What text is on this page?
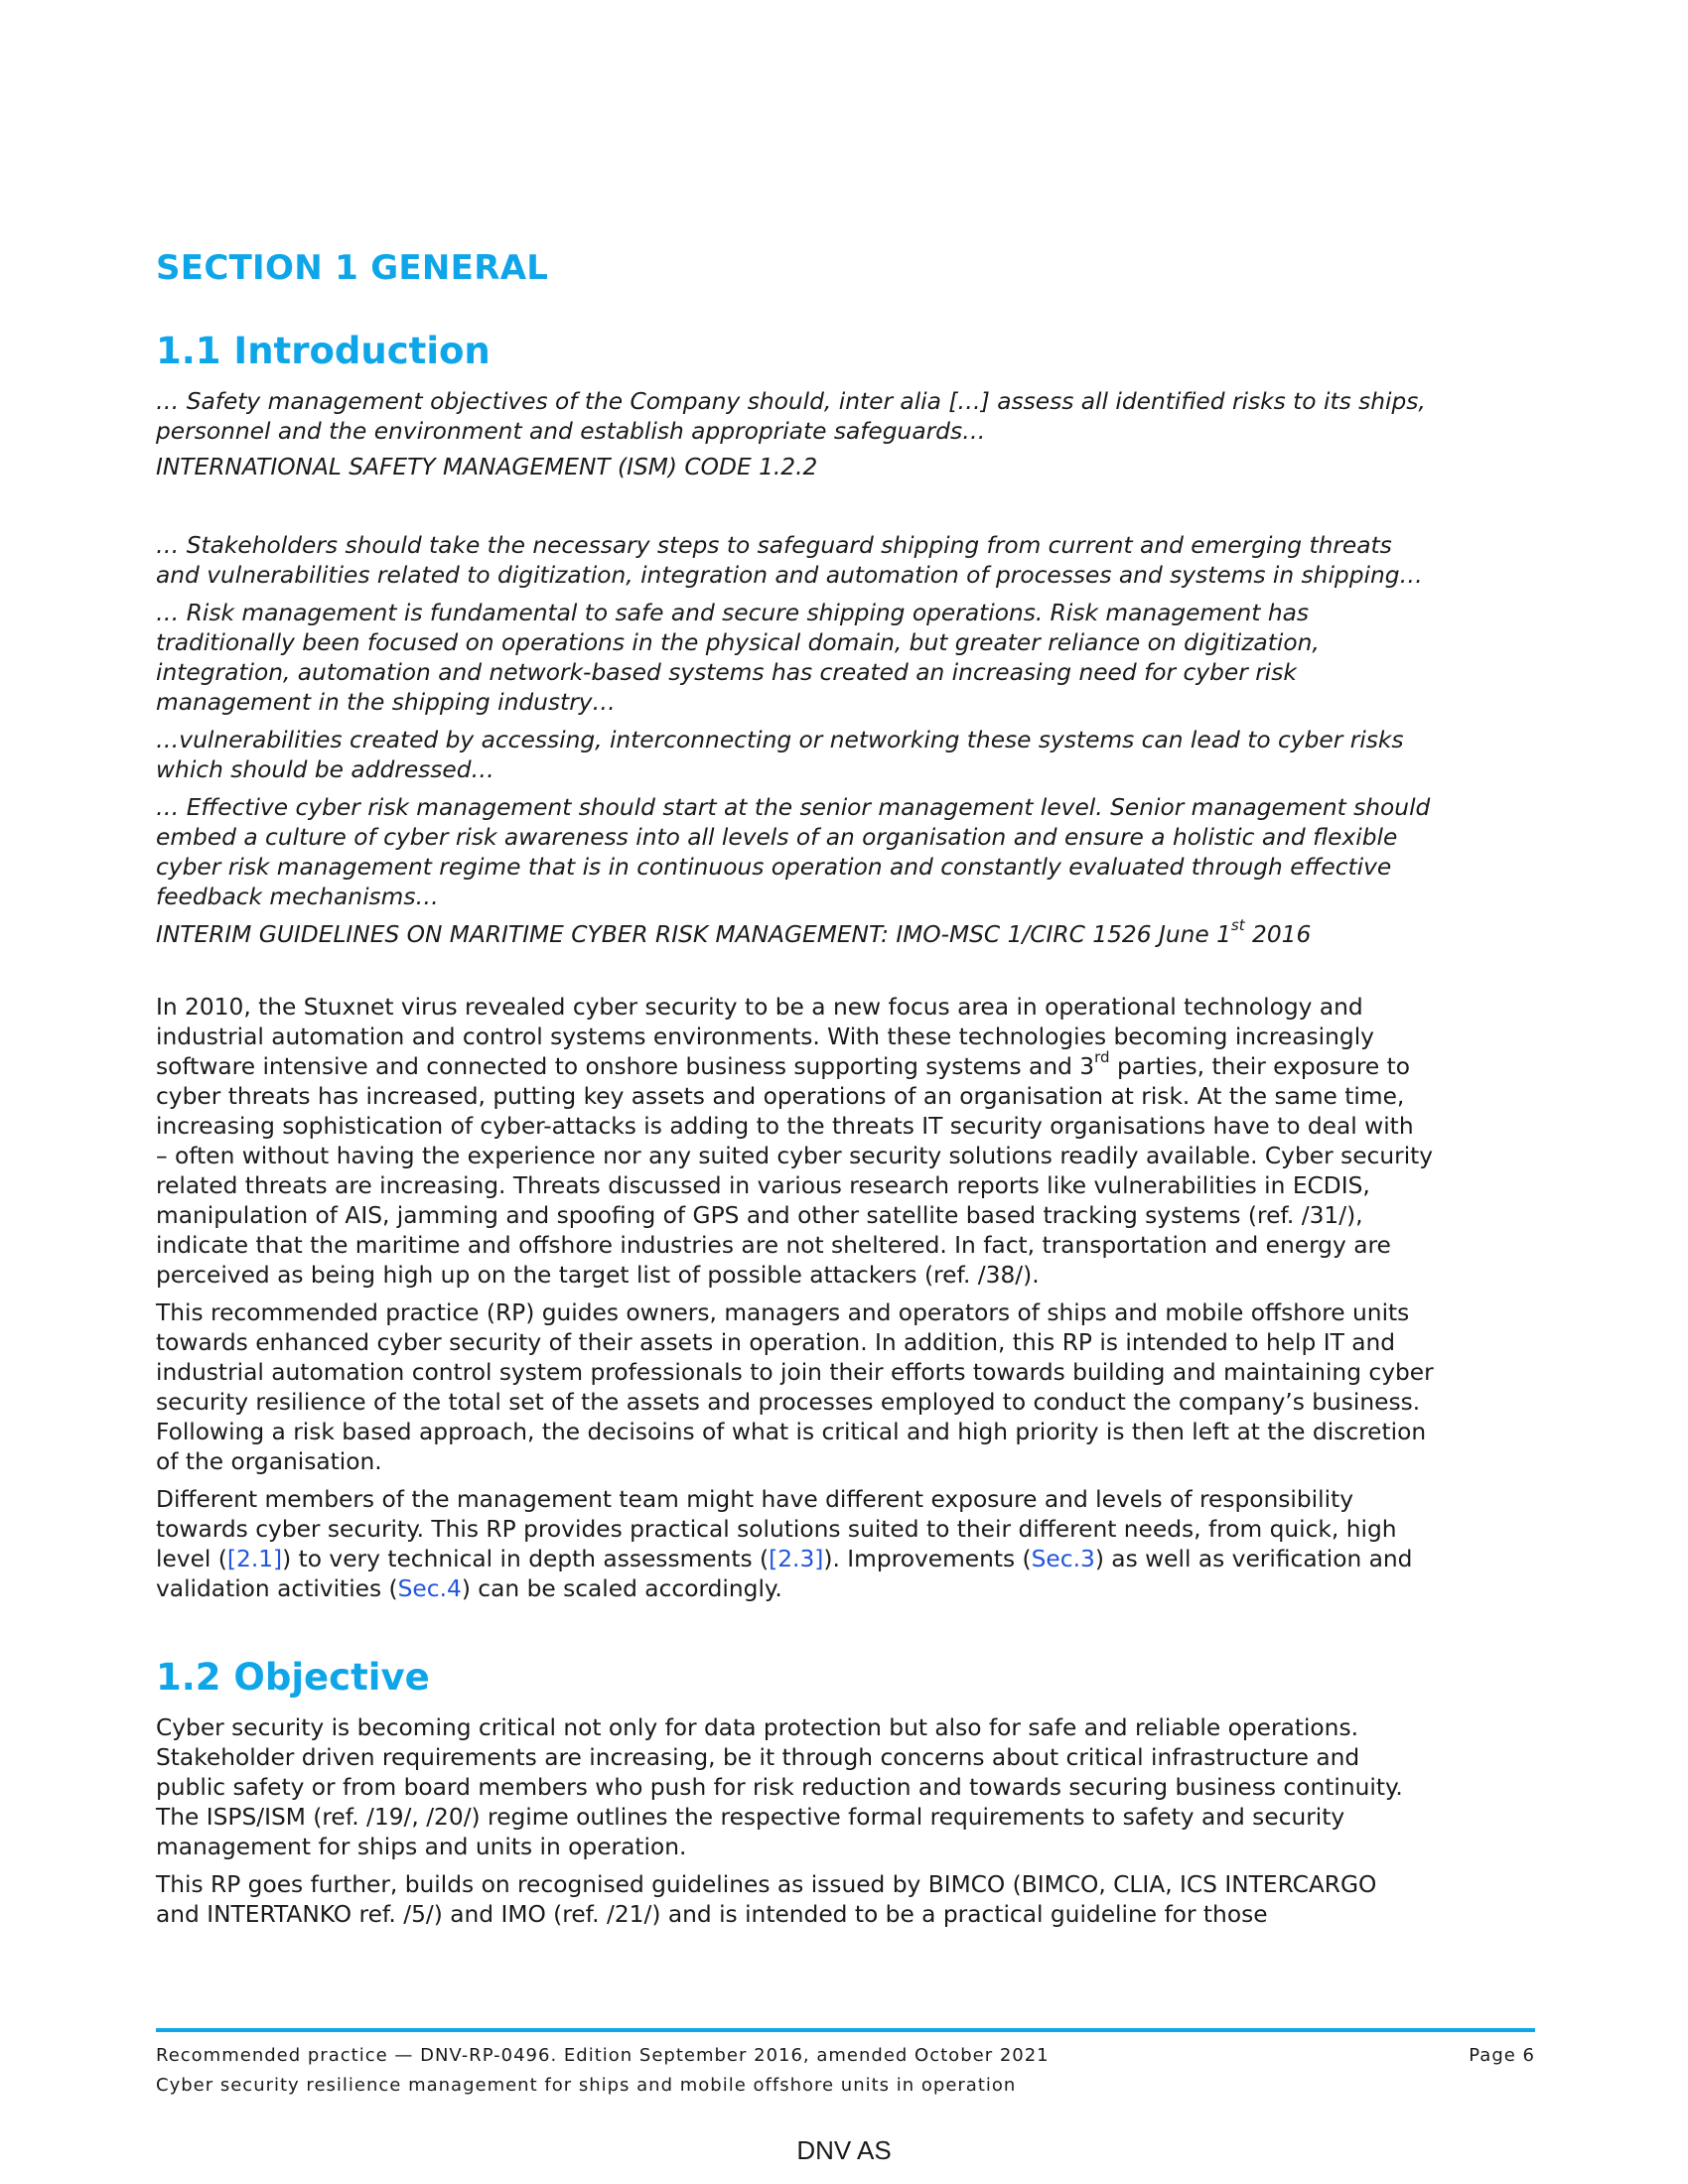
SECTION 1 GENERAL
1.1 Introduction

… Safety management objectives of the Company should, inter alia […] assess all identified risks to its ships,

personnel and the environment and establish appropriate safeguards…

INTERNATIONAL SAFETY MANAGEMENT (ISM) CODE 1.2.2

… Stakeholders should take the necessary steps to safeguard shipping from current and emerging threats
and vulnerabilities related to digitization, integration and automation of processes and systems in shipping…

… Risk management is fundamental to safe and secure shipping operations. Risk management has
traditionally been focused on operations in the physical domain, but greater reliance on digitization,
integration, automation and network-based systems has created an increasing need for cyber risk
management in the shipping industry…

…vulnerabilities created by accessing, interconnecting or networking these systems can lead to cyber risks
which should be addressed…

… Effective cyber risk management should start at the senior management level. Senior management should
embed a culture of cyber risk awareness into all levels of an organisation and ensure a holistic and flexible
cyber risk management regime that is in continuous operation and constantly evaluated through effective
feedback mechanisms…

INTERIM GUIDELINES ON MARITIME CYBER RISK MANAGEMENT: IMO-MSC 1/CIRC 1526 June 1st 2016

In 2010, the Stuxnet virus revealed cyber security to be a new focus area in operational technology and
industrial automation and control systems environments. With these technologies becoming increasingly
software intensive and connected to onshore business supporting systems and 3rd parties, their exposure to
cyber threats has increased, putting key assets and operations of an organisation at risk. At the same time,
increasing sophistication of cyber-attacks is adding to the threats IT security organisations have to deal with
– often without having the experience nor any suited cyber security solutions readily available. Cyber security
related threats are increasing. Threats discussed in various research reports like vulnerabilities in ECDIS,
manipulation of AIS, jamming and spoofing of GPS and other satellite based tracking systems (ref. /31/),
indicate that the maritime and offshore industries are not sheltered. In fact, transportation and energy are
perceived as being high up on the target list of possible attackers (ref. /38/).

This recommended practice (RP) guides owners, managers and operators of ships and mobile offshore units
towards enhanced cyber security of their assets in operation. In addition, this RP is intended to help IT and
industrial automation control system professionals to join their efforts towards building and maintaining cyber
security resilience of the total set of the assets and processes employed to conduct the company’s business.
Following a risk based approach, the decisoins of what is critical and high priority is then left at the discretion
of the organisation.

Different members of the management team might have different exposure and levels of responsibility
towards cyber security. This RP provides practical solutions suited to their different needs, from quick, high
level ([2.1]) to very technical in depth assessments ([2.3]). Improvements (Sec.3) as well as verification and
validation activities (Sec.4) can be scaled accordingly.

1.2 Objective

Cyber security is becoming critical not only for data protection but also for safe and reliable operations.
Stakeholder driven requirements are increasing, be it through concerns about critical infrastructure and
public safety or from board members who push for risk reduction and towards securing business continuity.
The ISPS/ISM (ref. /19/, /20/) regime outlines the respective formal requirements to safety and security
management for ships and units in operation.

This RP goes further, builds on recognised guidelines as issued by BIMCO (BIMCO, CLIA, ICS INTERCARGO
and INTERTANKO ref. /5/) and IMO (ref. /21/) and is intended to be a practical guideline for those

Recommended practice — DNV-RP-0496. Edition September 2016, amended October 2021
Cyber security resilience management for ships and mobile offshore units in operation
Page 6
DNV AS
